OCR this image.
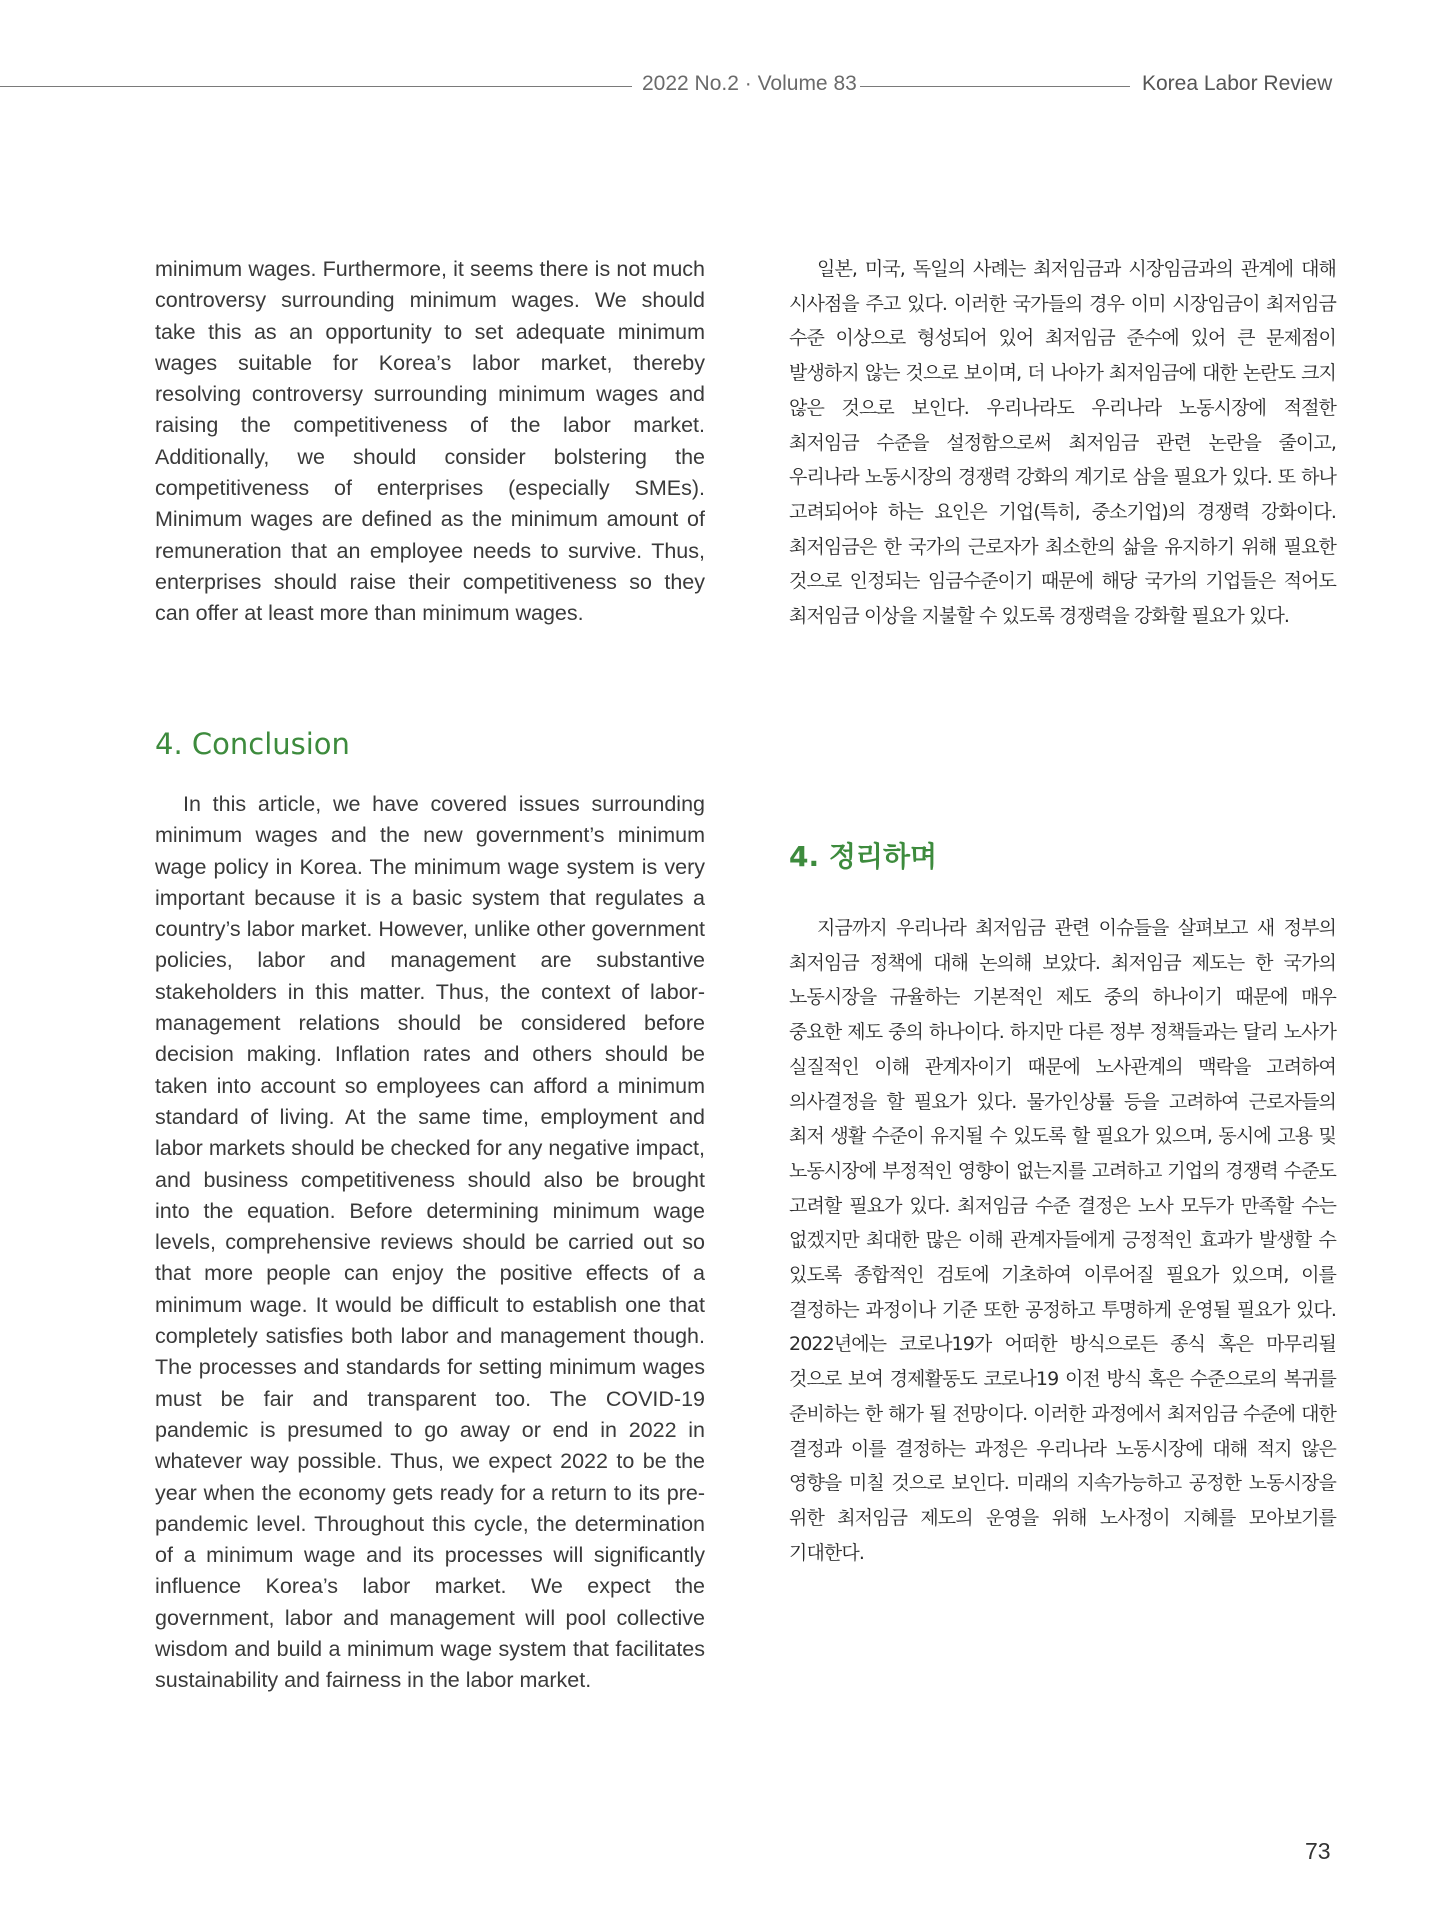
2022 No.2 · Volume 83	Korea Labor Review

minimum wages. Furthermore, it seems there is not much controversy surrounding minimum wages. We should take this as an opportunity to set adequate minimum wages suitable for Korea’s labor market, thereby resolving controversy surrounding minimum wages and raising the competitiveness of the labor market. Additionally, we should consider bolstering the competitiveness of enterprises (especially SMEs). Minimum wages are defined as the minimum amount of remuneration that an employee needs to survive. Thus, enterprises should raise their competitiveness so they can offer at least more than minimum wages.

4. Conclusion

In this article, we have covered issues surrounding minimum wages and the new government’s minimum wage policy in Korea. The minimum wage system is very important because it is a basic system that regulates a country’s labor market. However, unlike other government policies, labor and management are substantive stakeholders in this matter. Thus, the context of labor-management relations should be considered before decision making. Inflation rates and others should be taken into account so employees can afford a minimum standard of living. At the same time, employment and labor markets should be checked for any negative impact, and business competitiveness should also be brought into the equation. Before determining minimum wage levels, comprehensive reviews should be carried out so that more people can enjoy the positive effects of a minimum wage. It would be difficult to establish one that completely satisfies both labor and management though. The processes and standards for setting minimum wages must be fair and transparent too. The COVID-19 pandemic is presumed to go away or end in 2022 in whatever way possible. Thus, we expect 2022 to be the year when the economy gets ready for a return to its pre-pandemic level. Throughout this cycle, the determination of a minimum wage and its processes will significantly influence Korea’s labor market. We expect the government, labor and management will pool collective wisdom and build a minimum wage system that facilitates sustainability and fairness in the labor market.

일본, 미국, 독일의 사례는 최저임금과 시장임금과의 관계에 대해 시사점을 주고 있다. 이러한 국가들의 경우 이미 시장임금이 최저임금 수준 이상으로 형성되어 있어 최저임금 준수에 있어 큰 문제점이 발생하지 않는 것으로 보이며, 더 나아가 최저임금에 대한 논란도 크지 않은 것으로 보인다. 우리나라도 우리나라 노동시장에 적절한 최저임금 수준을 설정함으로써 최저임금 관련 논란을 줄이고, 우리나라 노동시장의 경쟁력 강화의 계기로 삼을 필요가 있다. 또 하나 고려되어야 하는 요인은 기업(특히, 중소기업)의 경쟁력 강화이다. 최저임금은 한 국가의 근로자가 최소한의 삶을 유지하기 위해 필요한 것으로 인정되는 임금수준이기 때문에 해당 국가의 기업들은 적어도 최저임금 이상을 지불할 수 있도록 경쟁력을 강화할 필요가 있다.

4. 정리하며

지금까지 우리나라 최저임금 관련 이슈들을 살펴보고 새 정부의 최저임금 정책에 대해 논의해 보았다. 최저임금 제도는 한 국가의 노동시장을 규율하는 기본적인 제도 중의 하나이기 때문에 매우 중요한 제도 중의 하나이다. 하지만 다른 정부 정책들과는 달리 노사가 실질적인 이해 관계자이기 때문에 노사관계의 맥락을 고려하여 의사결정을 할 필요가 있다. 물가인상률 등을 고려하여 근로자들의 최저 생활 수준이 유지될 수 있도록 할 필요가 있으며, 동시에 고용 및 노동시장에 부정적인 영향이 없는지를 고려하고 기업의 경쟁력 수준도 고려할 필요가 있다. 최저임금 수준 결정은 노사 모두가 만족할 수는 없겠지만 최대한 많은 이해 관계자들에게 긍정적인 효과가 발생할 수 있도록 종합적인 검토에 기초하여 이루어질 필요가 있으며, 이를 결정하는 과정이나 기준 또한 공정하고 투명하게 운영될 필요가 있다. 2022년에는 코로나19가 어떠한 방식으로든 종식 혹은 마무리될 것으로 보여 경제활동도 코로나19 이전 방식 혹은 수준으로의 복귀를 준비하는 한 해가 될 전망이다. 이러한 과정에서 최저임금 수준에 대한 결정과 이를 결정하는 과정은 우리나라 노동시장에 대해 적지 않은 영향을 미칠 것으로 보인다. 미래의 지속가능하고 공정한 노동시장을 위한 최저임금 제도의 운영을 위해 노사정이 지혜를 모아보기를 기대한다.

73
